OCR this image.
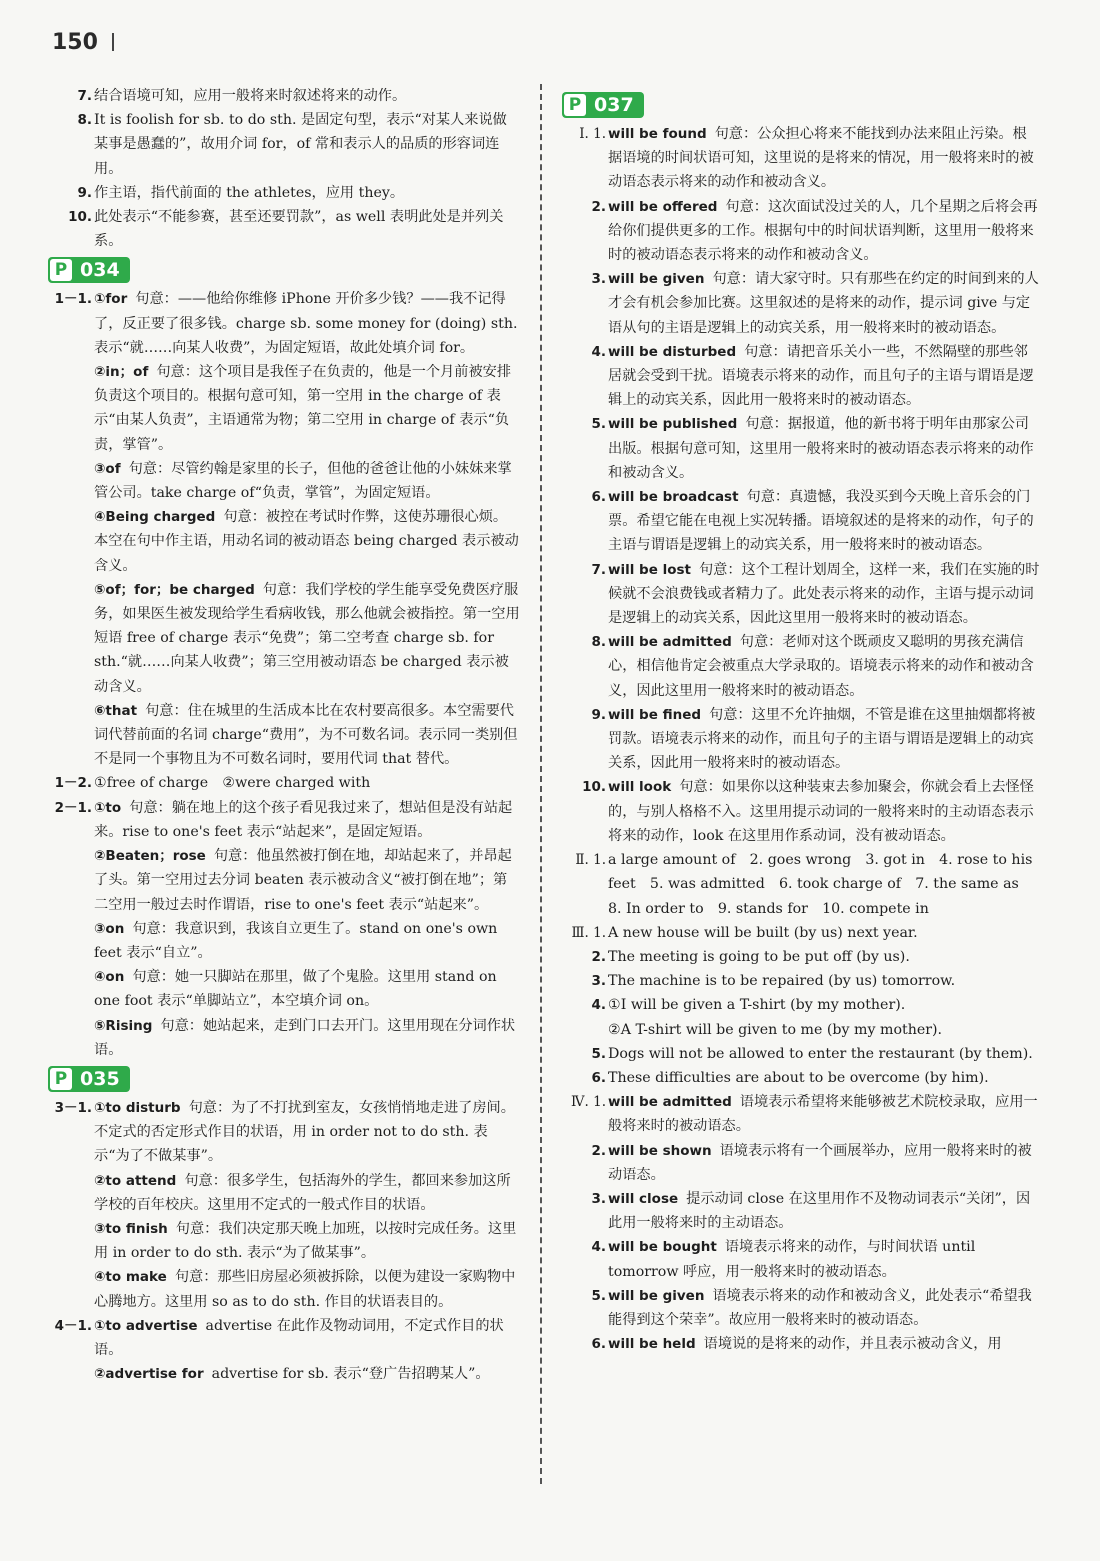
150

7. 结合语境可知，应用一般将来时叙述将来的动作。

8. It is foolish for sb. to do sth. 是固定句型，表示“对某人来说做某事是愚蠢的”，故用介词 for，of 常和表示人的品质的形容词连用。

9. 作主语，指代前面的 the athletes，应用 they。

10. 此处表示“不能参赛，甚至还要罚款”，as well 表明此处是并列关系。

P 034

1－1. ①for 句意：——他给你维修 iPhone 开价多少钱？——我不记得了，反正要了很多钱。charge sb. some money for (doing) sth. 表示“就……向某人收费”，为固定短语，故此处填介词 for。

②in；of 句意：这个项目是我侄子在负责的，他是一个月前被安排负责这个项目的。根据句意可知，第一空用 in the charge of 表示“由某人负责”，主语通常为物；第二空用 in charge of 表示“负责，掌管”。

③of 句意：尽管约翰是家里的长子，但他的爸爸让他的小妹妹来掌管公司。take charge of“负责，掌管”，为固定短语。

④Being charged 句意：被控在考试时作弊，这使苏珊很心烦。本空在句中作主语，用动名词的被动语态 being charged 表示被动含义。

⑤of；for；be charged 句意：我们学校的学生能享受免费医疗服务，如果医生被发现给学生看病收钱，那么他就会被指控。第一空用短语 free of charge 表示“免费”；第二空考查 charge sb. for sth.“就……向某人收费”；第三空用被动语态 be charged 表示被动含义。

⑥that 句意：住在城里的生活成本比在农村要高很多。本空需要代词代替前面的名词 charge“费用”，为不可数名词。表示同一类别但不是同一个事物且为不可数名词时，要用代词 that 替代。

1－2. ①free of charge　②were charged with

2－1. ①to 句意：躺在地上的这个孩子看见我过来了，想站但是没有站起来。rise to one's feet 表示“站起来”，是固定短语。

②Beaten；rose 句意：他虽然被打倒在地，却站起来了，并昂起了头。第一空用过去分词 beaten 表示被动含义“被打倒在地”；第二空用一般过去时作谓语，rise to one's feet 表示“站起来”。

③on 句意：我意识到，我该自立更生了。stand on one's own feet 表示“自立”。

④on 句意：她一只脚站在那里，做了个鬼脸。这里用 stand on one foot 表示“单脚站立”，本空填介词 on。

⑤Rising 句意：她站起来，走到门口去开门。这里用现在分词作状语。

P 035

3－1. ①to disturb 句意：为了不打扰到室友，女孩悄悄地走进了房间。不定式的否定形式作目的状语，用 in order not to do sth. 表示“为了不做某事”。

②to attend 句意：很多学生，包括海外的学生，都回来参加这所学校的百年校庆。这里用不定式的一般式作目的状语。

③to finish 句意：我们决定那天晚上加班，以按时完成任务。这里用 in order to do sth. 表示“为了做某事”。

④to make 句意：那些旧房屋必须被拆除，以便为建设一家购物中心腾地方。这里用 so as to do sth. 作目的状语表目的。

4－1. ①to advertise advertise 在此作及物动词用，不定式作目的状语。

②advertise for advertise for sb. 表示“登广告招聘某人”。

P 037

Ⅰ. 1. will be found 句意：公众担心将来不能找到办法来阻止污染。根据语境的时间状语可知，这里说的是将来的情况，用一般将来时的被动语态表示将来的动作和被动含义。

2. will be offered 句意：这次面试没过关的人，几个星期之后将会再给你们提供更多的工作。根据句中的时间状语判断，这里用一般将来时的被动语态表示将来的动作和被动含义。

3. will be given 句意：请大家守时。只有那些在约定的时间到来的人才会有机会参加比赛。这里叙述的是将来的动作，提示词 give 与定语从句的主语是逻辑上的动宾关系，用一般将来时的被动语态。

4. will be disturbed 句意：请把音乐关小一些，不然隔壁的那些邻居就会受到干扰。语境表示将来的动作，而且句子的主语与谓语是逻辑上的动宾关系，因此用一般将来时的被动语态。

5. will be published 句意：据报道，他的新书将于明年由那家公司出版。根据句意可知，这里用一般将来时的被动语态表示将来的动作和被动含义。

6. will be broadcast 句意：真遗憾，我没买到今天晚上音乐会的门票。希望它能在电视上实况转播。语境叙述的是将来的动作，句子的主语与谓语是逻辑上的动宾关系，用一般将来时的被动语态。

7. will be lost 句意：这个工程计划周全，这样一来，我们在实施的时候就不会浪费钱或者精力了。此处表示将来的动作，主语与提示动词是逻辑上的动宾关系，因此这里用一般将来时的被动语态。

8. will be admitted 句意：老师对这个既顽皮又聪明的男孩充满信心，相信他肯定会被重点大学录取的。语境表示将来的动作和被动含义，因此这里用一般将来时的被动语态。

9. will be fined 句意：这里不允许抽烟，不管是谁在这里抽烟都将被罚款。语境表示将来的动作，而且句子的主语与谓语是逻辑上的动宾关系，因此用一般将来时的被动语态。

10. will look 句意：如果你以这种装束去参加聚会，你就会看上去怪怪的，与别人格格不入。这里用提示动词的一般将来时的主动语态表示将来的动作，look 在这里用作系动词，没有被动语态。

Ⅱ. 1. a large amount of　2. goes wrong　3. got in　4. rose to his feet　5. was admitted　6. took charge of　7. the same as

8. In order to　9. stands for　10. compete in

Ⅲ. 1. A new house will be built (by us) next year.

2. The meeting is going to be put off (by us).

3. The machine is to be repaired (by us) tomorrow.

4. ①I will be given a T-shirt (by my mother).

②A T-shirt will be given to me (by my mother).

5. Dogs will not be allowed to enter the restaurant (by them).

6. These difficulties are about to be overcome (by him).

Ⅳ. 1. will be admitted 语境表示希望将来能够被艺术院校录取，应用一般将来时的被动语态。

2. will be shown 语境表示将有一个画展举办，应用一般将来时的被动语态。

3. will close 提示动词 close 在这里用作不及物动词表示“关闭”，因此用一般将来时的主动语态。

4. will be bought 语境表示将来的动作，与时间状语 until tomorrow 呼应，用一般将来时的被动语态。

5. will be given 语境表示将来的动作和被动含义，此处表示“希望我能得到这个荣幸”。故应用一般将来时的被动语态。

6. will be held 语境说的是将来的动作，并且表示被动含义，用
